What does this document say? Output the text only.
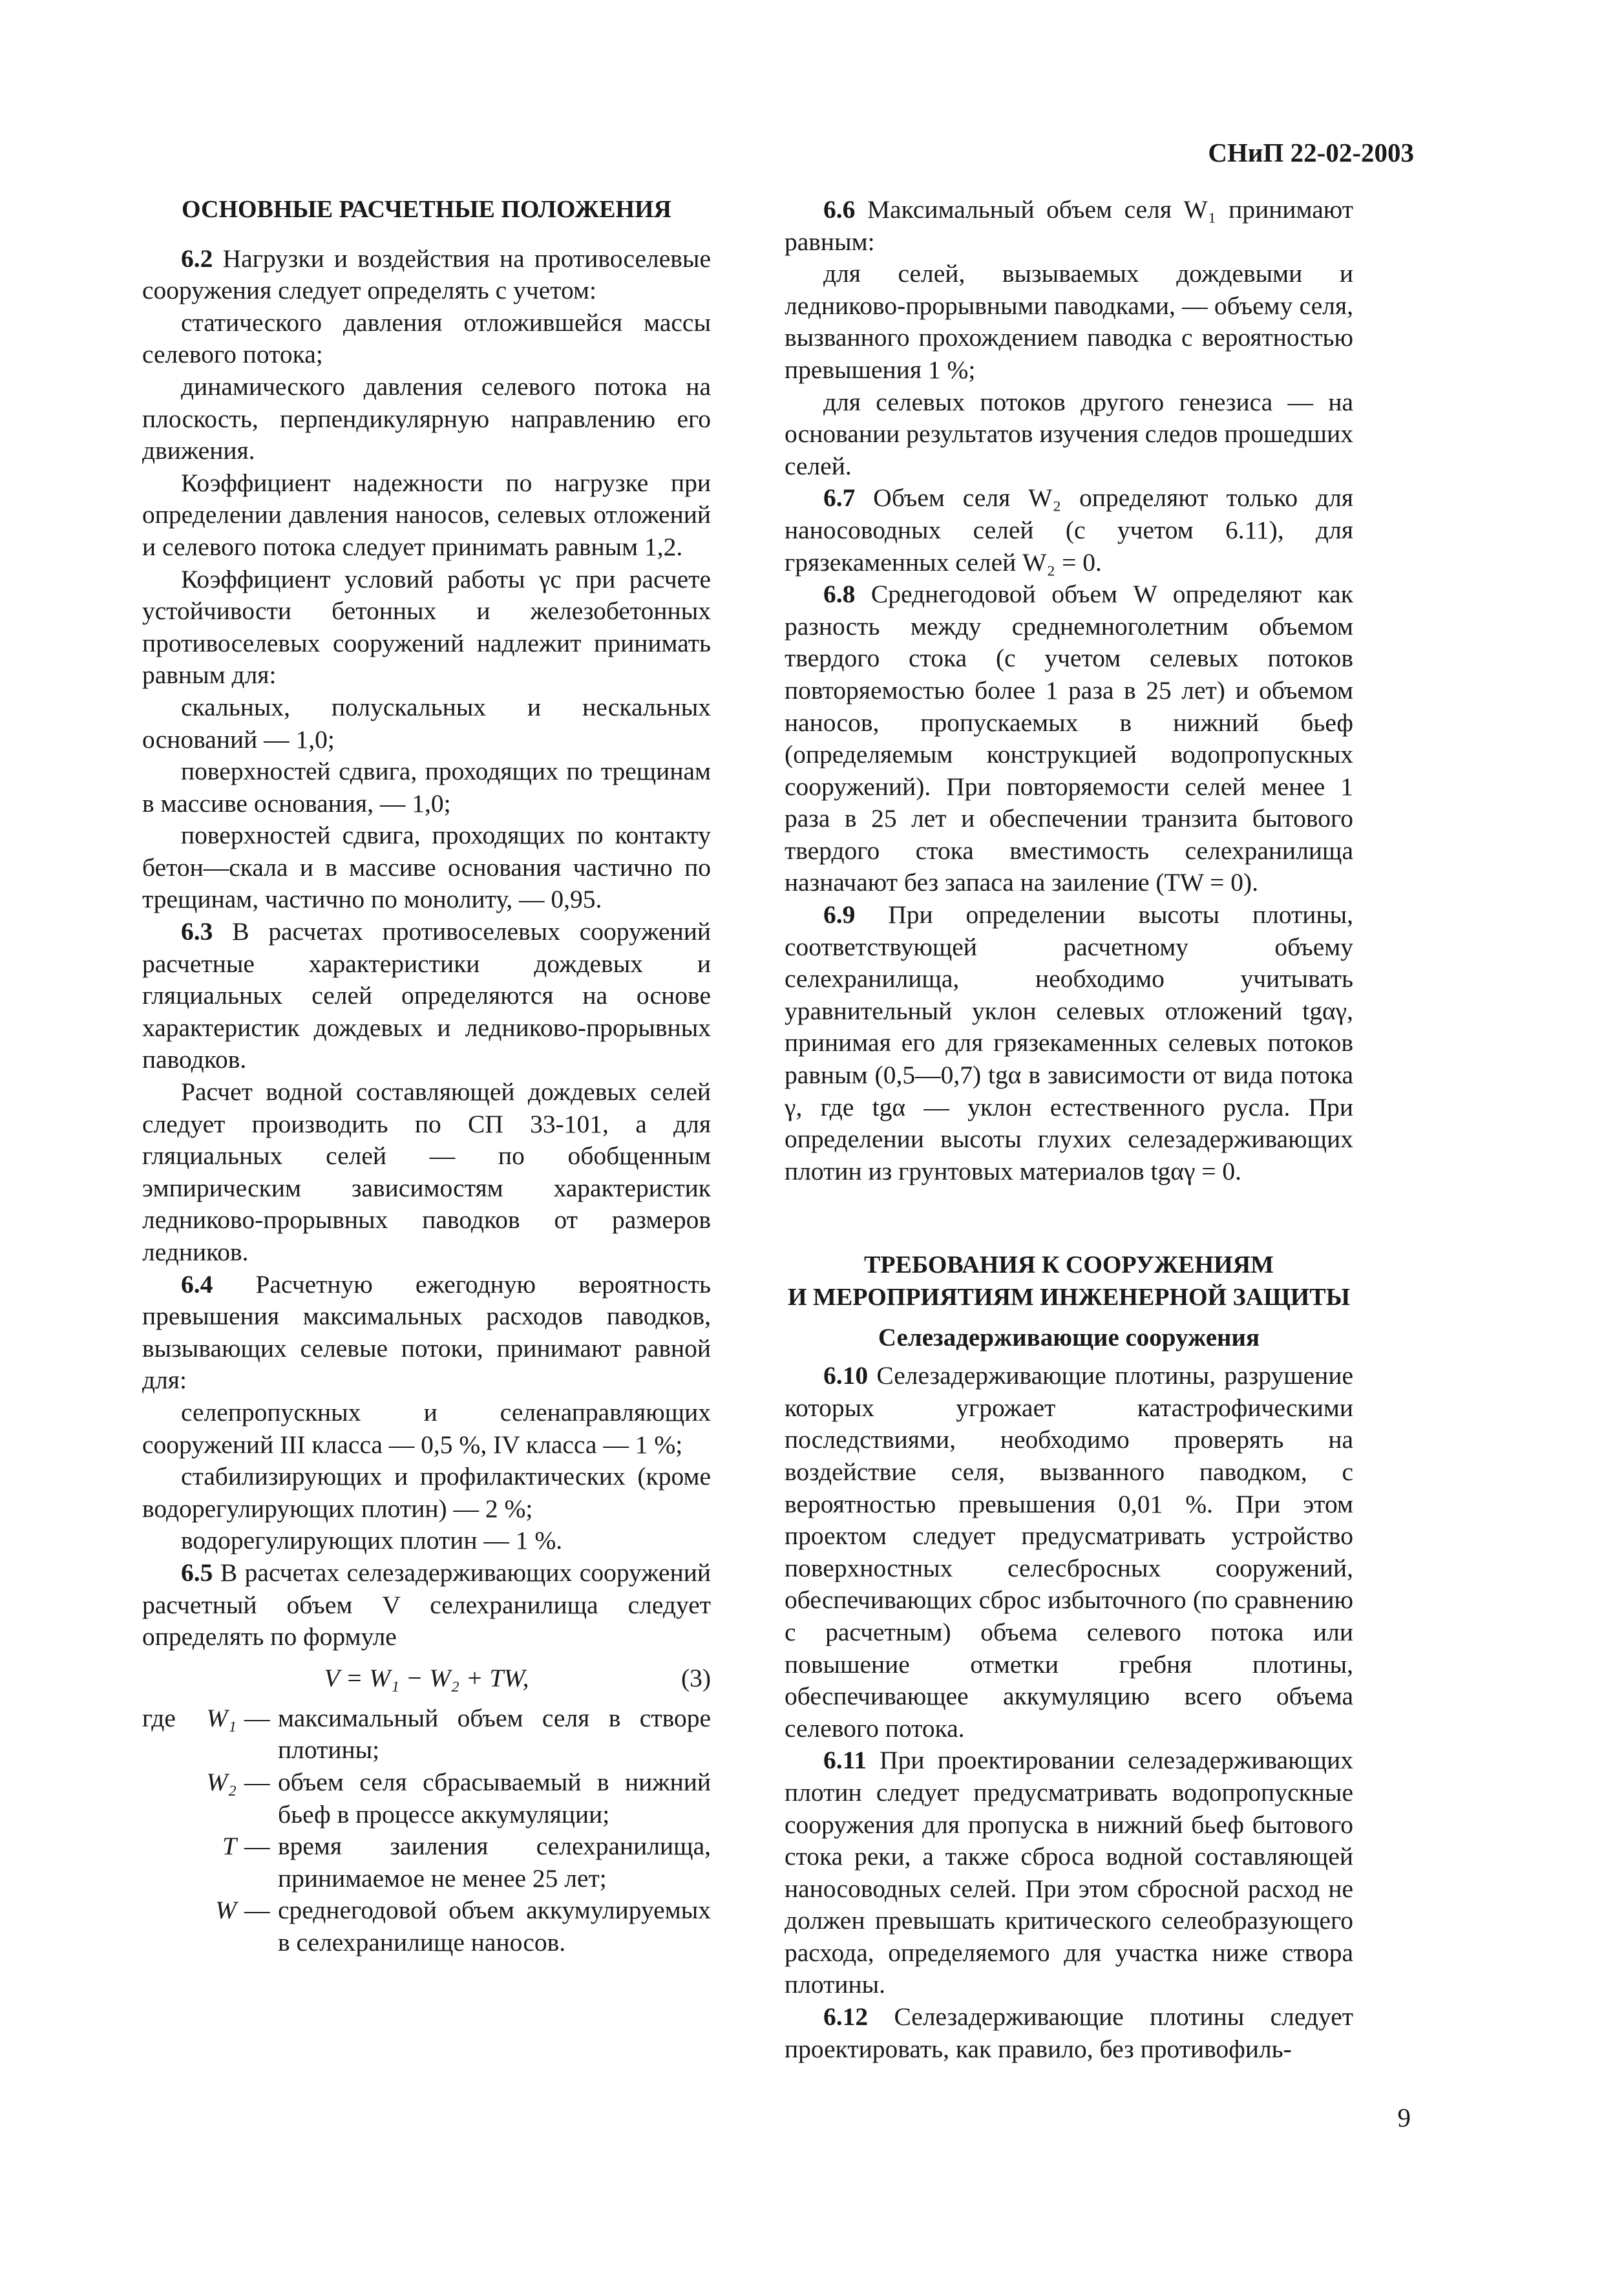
СНиП 22-02-2003

ОСНОВНЫЕ РАСЧЕТНЫЕ ПОЛОЖЕНИЯ

6.2 Нагрузки и воздействия на противоселевые сооружения следует определять с учетом:

статического давления отложившейся массы селевого потока;

динамического давления селевого потока на плоскость, перпендикулярную направлению его движения.

Коэффициент надежности по нагрузке при определении давления наносов, селевых отложений и селевого потока следует принимать равным 1,2.

Коэффициент условий работы γc при расчете устойчивости бетонных и железобетонных противоселевых сооружений надлежит принимать равным для:

скальных, полускальных и нескальных оснований — 1,0;

поверхностей сдвига, проходящих по трещинам в массиве основания, — 1,0;

поверхностей сдвига, проходящих по контакту бетон—скала и в массиве основания частично по трещинам, частично по монолиту, — 0,95.

6.3 В расчетах противоселевых сооружений расчетные характеристики дождевых и гляциальных селей определяются на основе характеристик дождевых и ледниково-прорывных паводков.

Расчет водной составляющей дождевых селей следует производить по СП 33-101, а для гляциальных селей — по обобщенным эмпирическим зависимостям характеристик ледниково-прорывных паводков от размеров ледников.

6.4 Расчетную ежегодную вероятность превышения максимальных расходов паводков, вызывающих селевые потоки, принимают равной для:

селепропускных и селенаправляющих сооружений III класса — 0,5 %, IV класса — 1 %;

стабилизирующих и профилактических (кроме водорегулирующих плотин) — 2 %;

водорегулирующих плотин — 1 %.

6.5 В расчетах селезадерживающих сооружений расчетный объем V селехранилища следует определять по формуле

V = W₁ − W₂ + TW,	(3)
где	W₁ — максимальный объем селя в створе плотины;
W₂ — объем селя сбрасываемый в нижний бьеф в процессе аккумуляции;
T — время заиления селехранилища, принимаемое не менее 25 лет;
W — среднегодовой объем аккумулируемых в селехранилище наносов.

6.6 Максимальный объем селя W₁ принимают равным:

для селей, вызываемых дождевыми и ледниково-прорывными паводками, — объему селя, вызванного прохождением паводка с вероятностью превышения 1 %;

для селевых потоков другого генезиса — на основании результатов изучения следов прошедших селей.

6.7 Объем селя W₂ определяют только для наносоводных селей (с учетом 6.11), для грязекаменных селей W₂ = 0.

6.8 Среднегодовой объем W определяют как разность между среднемноголетним объемом твердого стока (с учетом селевых потоков повторяемостью более 1 раза в 25 лет) и объемом наносов, пропускаемых в нижний бьеф (определяемым конструкцией водопропускных сооружений). При повторяемости селей менее 1 раза в 25 лет и обеспечении транзита бытового твердого стока вместимость селехранилища назначают без запаса на заиление (TW = 0).

6.9 При определении высоты плотины, соответствующей расчетному объему селехранилища, необходимо учитывать уравнительный уклон селевых отложений tgαγ, принимая его для грязекаменных селевых потоков равным (0,5—0,7) tgα в зависимости от вида потока γ, где tgα — уклон естественного русла. При определении высоты глухих селезадерживающих плотин из грунтовых материалов tgαγ = 0.

ТРЕБОВАНИЯ К СООРУЖЕНИЯМ
И МЕРОПРИЯТИЯМ ИНЖЕНЕРНОЙ ЗАЩИТЫ
Селезадерживающие сооружения

6.10 Селезадерживающие плотины, разрушение которых угрожает катастрофическими последствиями, необходимо проверять на воздействие селя, вызванного паводком, с вероятностью превышения 0,01 %. При этом проектом следует предусматривать устройство поверхностных селесбросных сооружений, обеспечивающих сброс избыточного (по сравнению с расчетным) объема селевого потока или повышение отметки гребня плотины, обеспечивающее аккумуляцию всего объема селевого потока.

6.11 При проектировании селезадерживающих плотин следует предусматривать водопропускные сооружения для пропуска в нижний бьеф бытового стока реки, а также сброса водной составляющей наносоводных селей. При этом сбросной расход не должен превышать критического селеобразующего расхода, определяемого для участка ниже створа плотины.

6.12 Селезадерживающие плотины следует проектировать, как правило, без противофиль-

9
